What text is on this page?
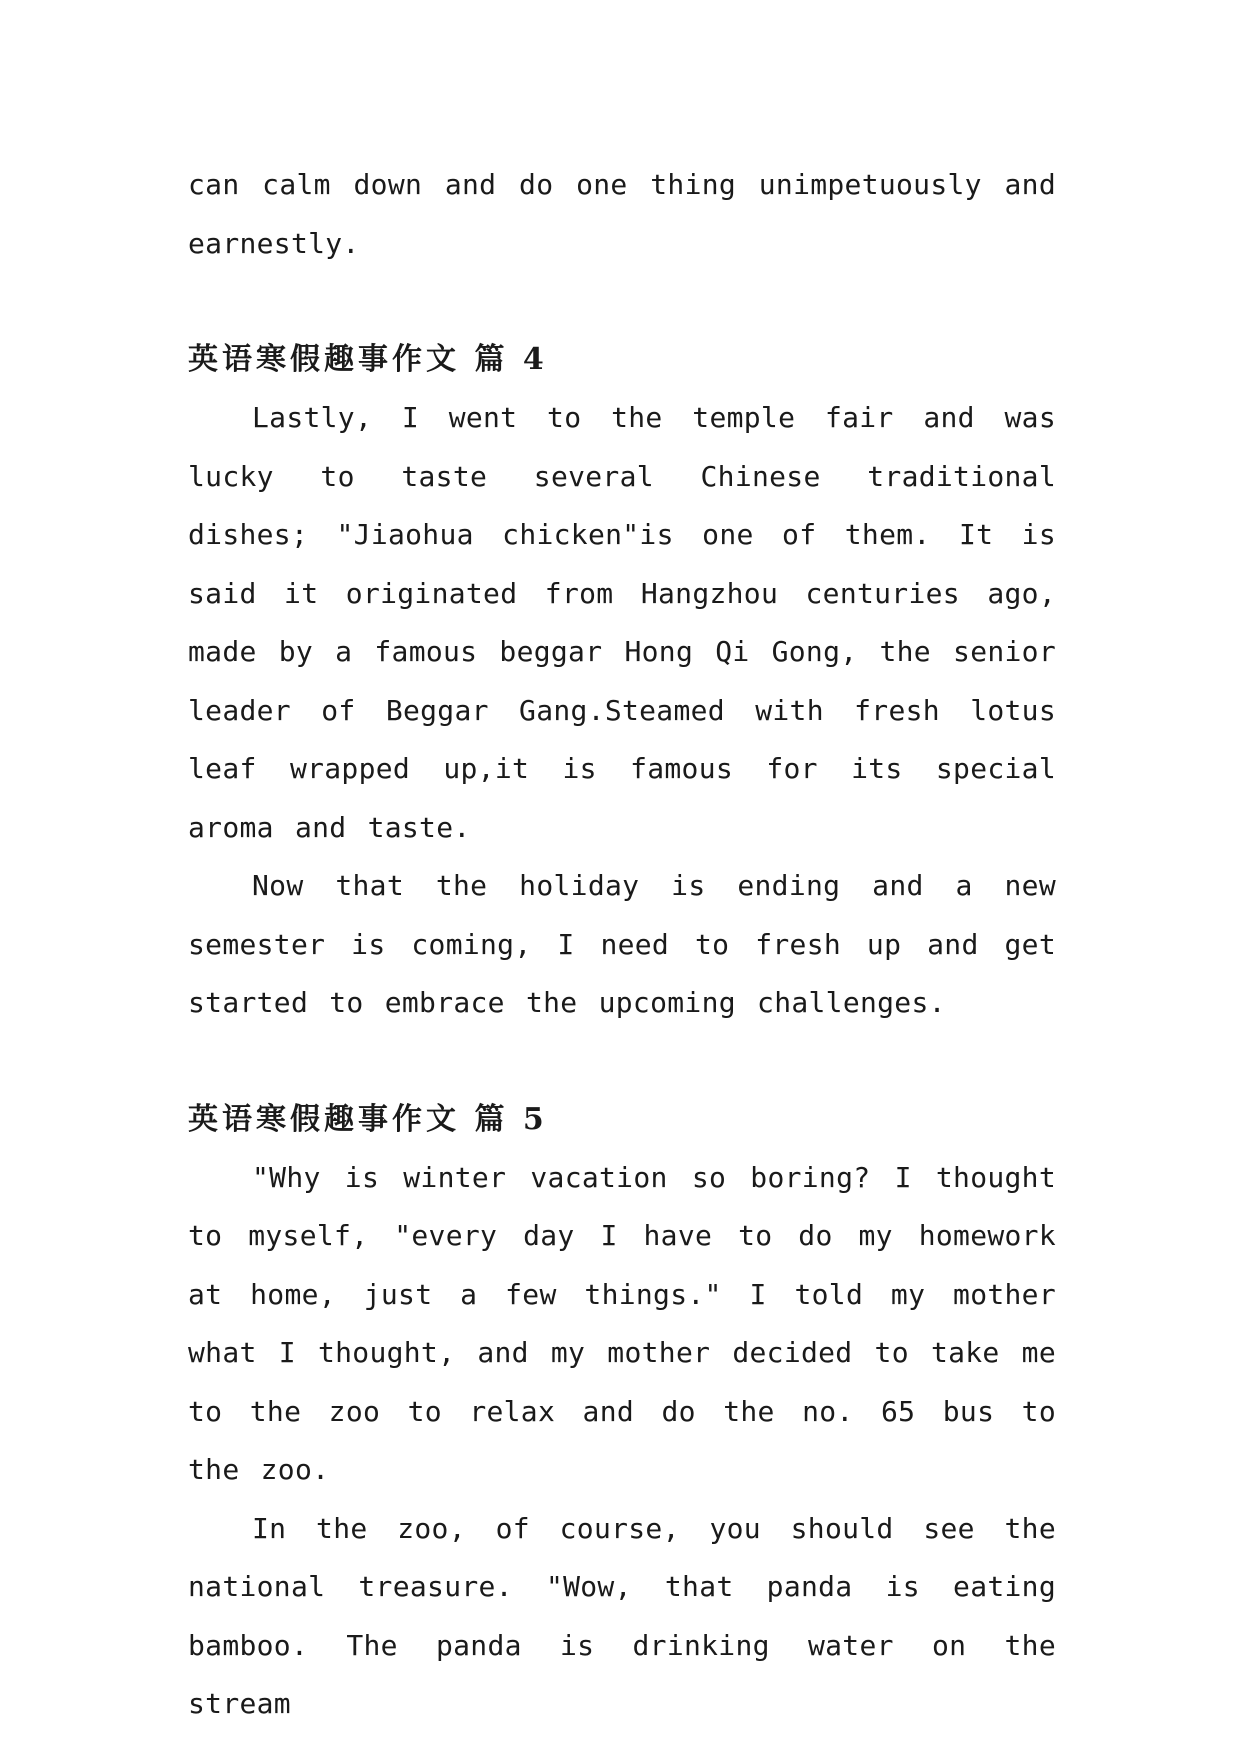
can calm down and do one thing unimpetuously and earnestly.

英语寒假趣事作文 篇 4

Lastly, I went to the temple fair and was lucky to taste several Chinese traditional dishes; "Jiaohua chicken"is one of them. It is said it originated from Hangzhou centuries ago, made by a famous beggar Hong Qi Gong, the senior leader of Beggar Gang.Steamed with fresh lotus leaf wrapped up,it is famous for its special aroma and taste.

Now that the holiday is ending and a new semester is coming, I need to fresh up and get started to embrace the upcoming challenges.

英语寒假趣事作文 篇 5

"Why is winter vacation so boring? I thought to myself, "every day I have to do my homework at home, just a few things." I told my mother what I thought, and my mother decided to take me to the zoo to relax and do the no. 65 bus to the zoo.

In the zoo, of course, you should see the national treasure. "Wow, that panda is eating bamboo. The panda is drinking water on the stream
